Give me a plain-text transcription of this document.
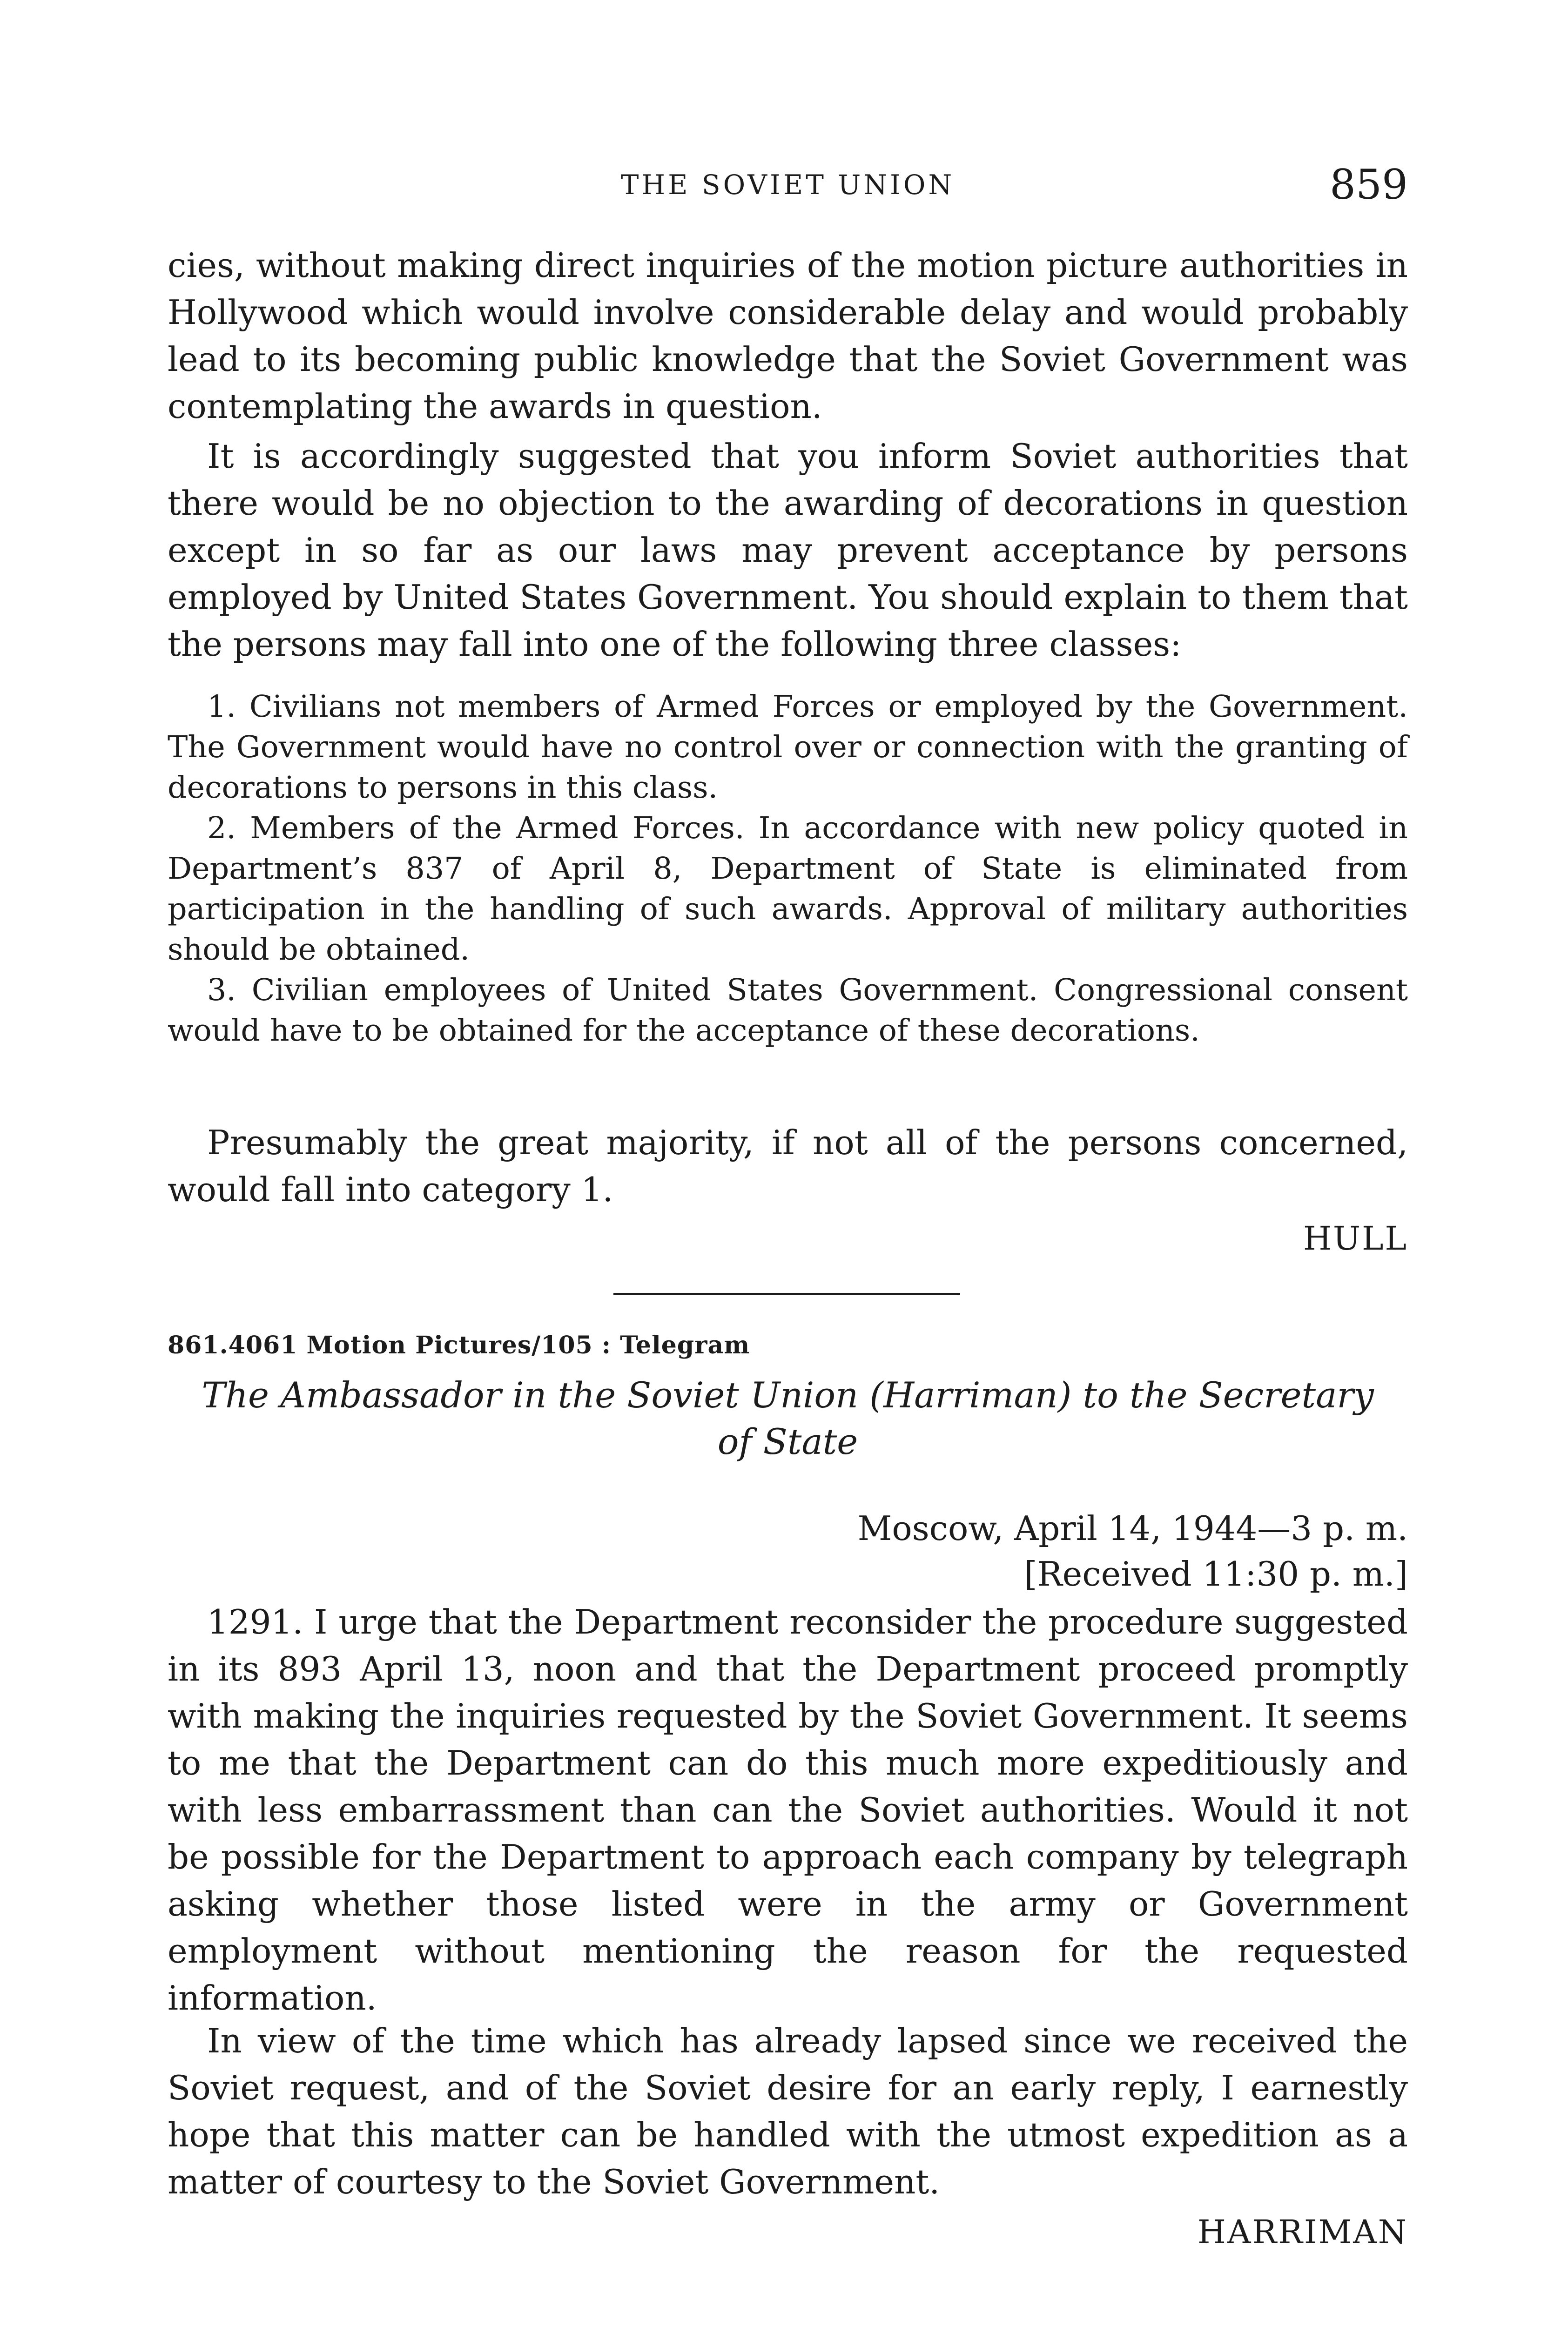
THE SOVIET UNION	859

cies, without making direct inquiries of the motion picture authorities in Hollywood which would involve considerable delay and would probably lead to its becoming public knowledge that the Soviet Government was contemplating the awards in question.

It is accordingly suggested that you inform Soviet authorities that there would be no objection to the awarding of decorations in question except in so far as our laws may prevent acceptance by persons employed by United States Government. You should explain to them that the persons may fall into one of the following three classes:

1. Civilians not members of Armed Forces or employed by the Government. The Government would have no control over or connection with the granting of decorations to persons in this class.

2. Members of the Armed Forces. In accordance with new policy quoted in Department’s 837 of April 8, Department of State is eliminated from participation in the handling of such awards. Approval of military authorities should be obtained.

3. Civilian employees of United States Government. Congressional consent would have to be obtained for the acceptance of these decorations.

Presumably the great majority, if not all of the persons concerned, would fall into category 1.

HULL
861.4061 Motion Pictures/105 : Telegram
The Ambassador in the Soviet Union (Harriman) to the Secretary
of State
Moscow, April 14, 1944—3 p. m.
[Received 11:30 p. m.]

1291. I urge that the Department reconsider the procedure suggested in its 893 April 13, noon and that the Department proceed promptly with making the inquiries requested by the Soviet Government. It seems to me that the Department can do this much more expeditiously and with less embarrassment than can the Soviet authorities. Would it not be possible for the Department to approach each company by telegraph asking whether those listed were in the army or Government employment without mentioning the reason for the requested information.

In view of the time which has already lapsed since we received the Soviet request, and of the Soviet desire for an early reply, I earnestly hope that this matter can be handled with the utmost expedition as a matter of courtesy to the Soviet Government.

HARRIMAN
